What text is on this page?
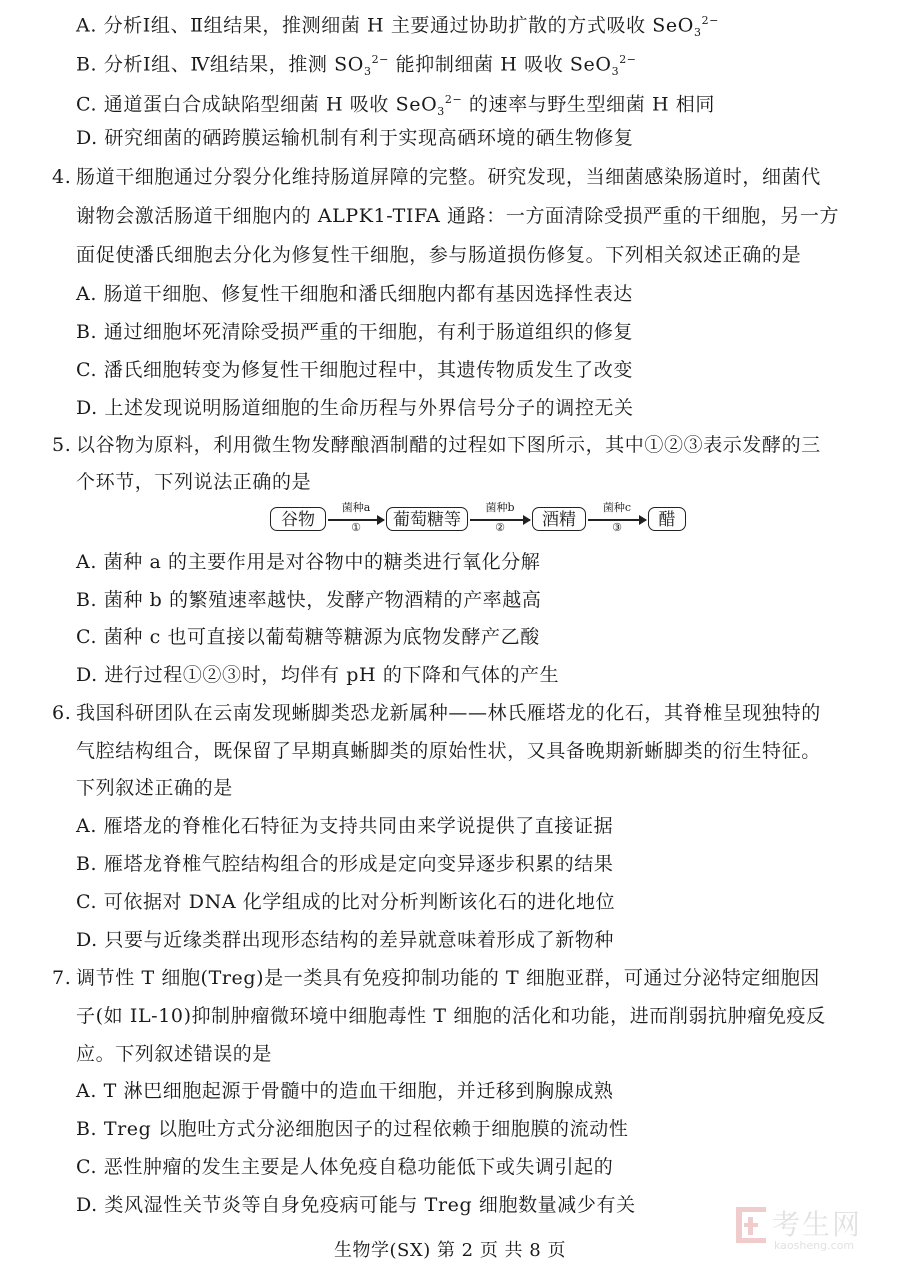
A. 分析Ⅰ组、Ⅱ组结果，推测细菌 H 主要通过协助扩散的方式吸收 SeO$_3^{2-}$
B. 分析Ⅰ组、Ⅳ组结果，推测 $SO_3^{2-}$ 能抑制细菌 H 吸收 SeO$_3^{2-}$
C. 通道蛋白合成缺陷型细菌 H 吸收 SeO$_3^{2-}$ 的速率与野生型细菌 H 相同
D. 研究细菌的硒跨膜运输机制有利于实现高硒环境的硒生物修复
4. 肠道干细胞通过分裂分化维持肠道屏障的完整。研究发现，当细菌感染肠道时，细菌代
谢物会激活肠道干细胞内的 ALPK1-TIFA 通路：一方面清除受损严重的干细胞，另一方
面促使潘氏细胞去分化为修复性干细胞，参与肠道损伤修复。下列相关叙述正确的是
A. 肠道干细胞、修复性干细胞和潘氏细胞内都有基因选择性表达
B. 通过细胞坏死清除受损严重的干细胞，有利于肠道组织的修复
C. 潘氏细胞转变为修复性干细胞过程中，其遗传物质发生了改变
D. 上述发现说明肠道细胞的生命历程与外界信号分子的调控无关
5. 以谷物为原料，利用微生物发酵酿酒制醋的过程如下图所示，其中①②③表示发酵的三
个环节，下列说法正确的是
谷物
菌种a
①	葡萄糖等
菌种b
②	酒精
菌种c
③	醋
A. 菌种 a 的主要作用是对谷物中的糖类进行氧化分解
B. 菌种 b 的繁殖速率越快，发酵产物酒精的产率越高
C. 菌种 c 也可直接以葡萄糖等糖源为底物发酵产乙酸
D. 进行过程①②③时，均伴有 pH 的下降和气体的产生
6. 我国科研团队在云南发现蜥脚类恐龙新属种——林氏雁塔龙的化石，其脊椎呈现独特的
气腔结构组合，既保留了早期真蜥脚类的原始性状，又具备晚期新蜥脚类的衍生特征。
下列叙述正确的是
A. 雁塔龙的脊椎化石特征为支持共同由来学说提供了直接证据
B. 雁塔龙脊椎气腔结构组合的形成是定向变异逐步积累的结果
C. 可依据对 DNA 化学组成的比对分析判断该化石的进化地位
D. 只要与近缘类群出现形态结构的差异就意味着形成了新物种
7. 调节性 T 细胞(Treg)是一类具有免疫抑制功能的 T 细胞亚群，可通过分泌特定细胞因
子(如 IL-10)抑制肿瘤微环境中细胞毒性 T 细胞的活化和功能，进而削弱抗肿瘤免疫反
应。下列叙述错误的是
A. T 淋巴细胞起源于骨髓中的造血干细胞，并迁移到胸腺成熟
B. Treg 以胞吐方式分泌细胞因子的过程依赖于细胞膜的流动性
C. 恶性肿瘤的发生主要是人体免疫自稳功能低下或失调引起的
D. 类风湿性关节炎等自身免疫病可能与 Treg 细胞数量减少有关
生物学(SX) 第 2 页 共 8 页
考生网
kaosheng.com
